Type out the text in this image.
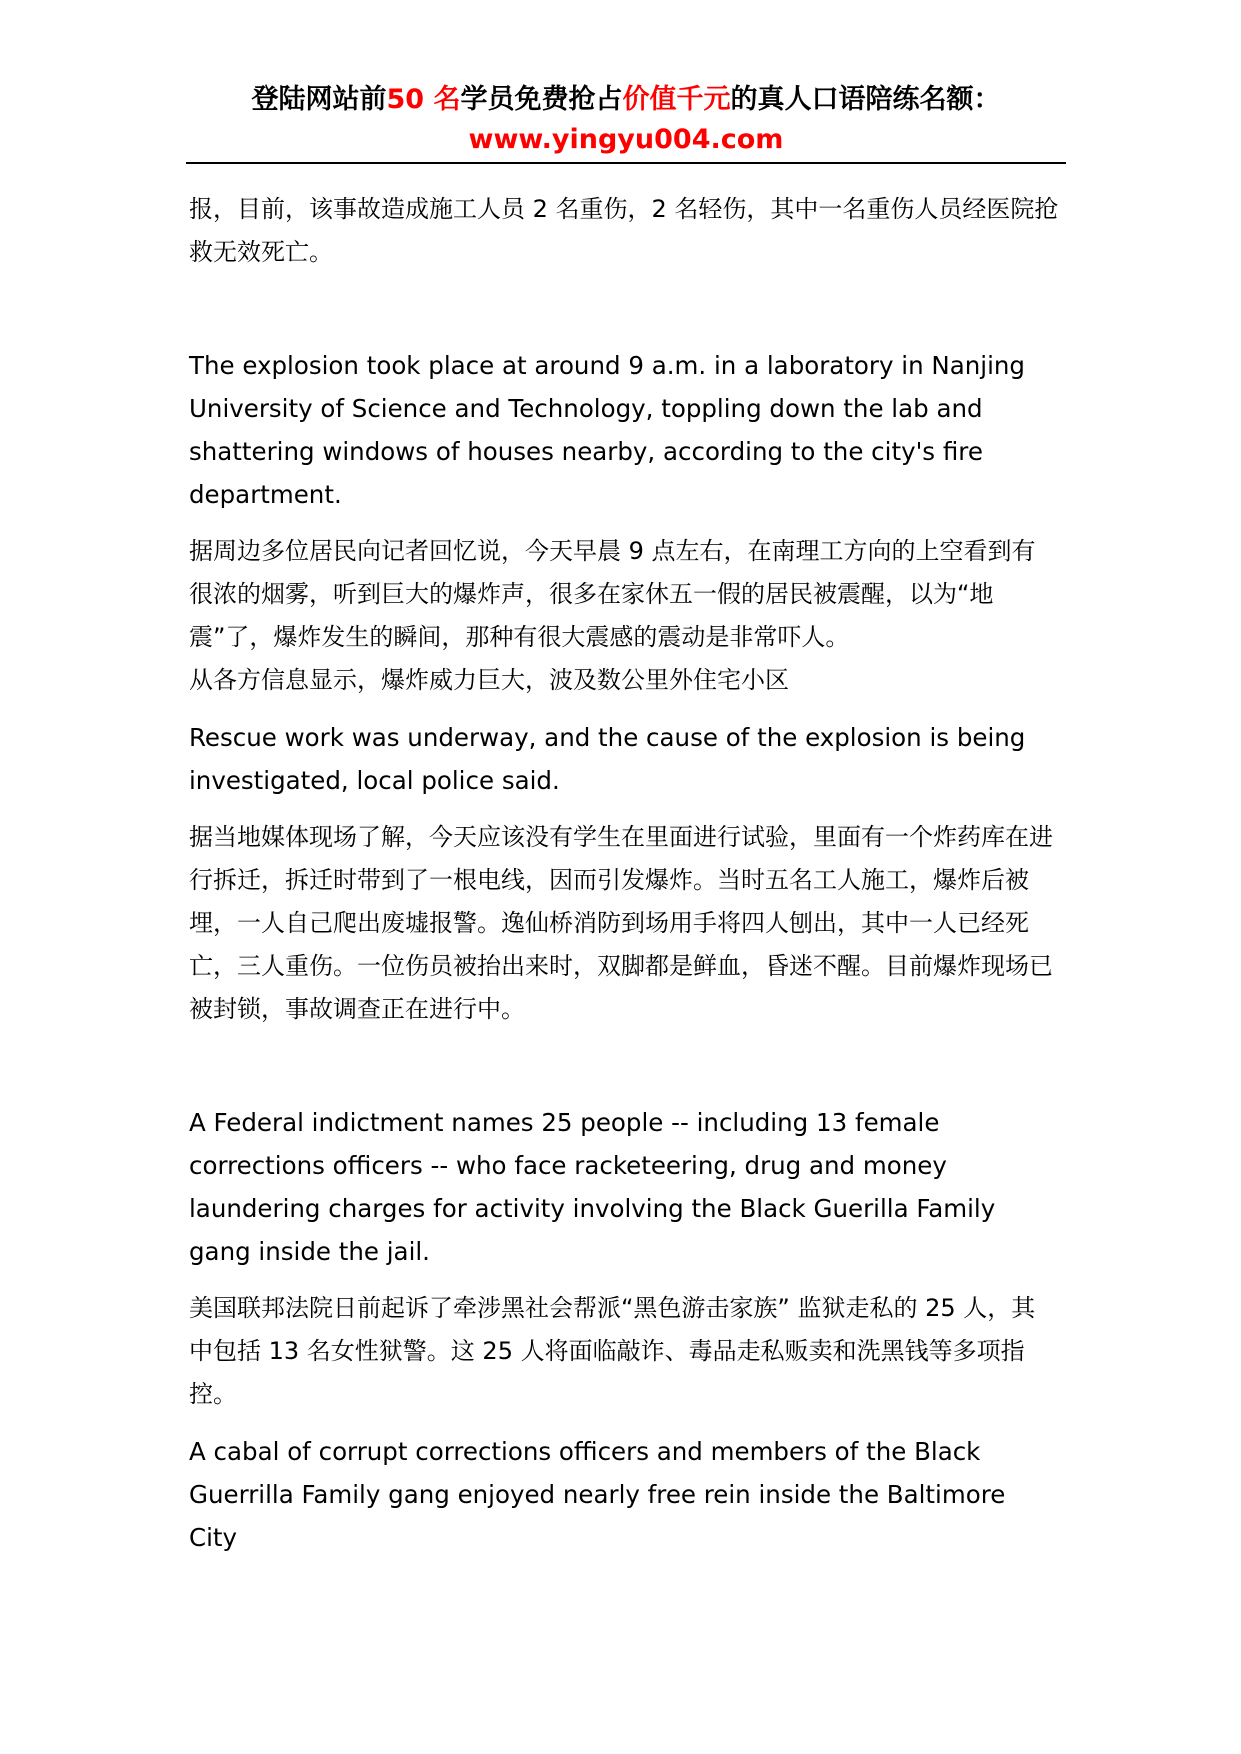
登陆网站前50 名学员免费抢占价值千元的真人口语陪练名额：
www.yingyu004.com

报，目前，该事故造成施工人员 2 名重伤，2 名轻伤，其中一名重伤人员经医院抢救无效死亡。

The explosion took place at around 9 a.m. in a laboratory in Nanjing University of Science and Technology, toppling down the lab and shattering windows of houses nearby, according to the city's fire department.

据周边多位居民向记者回忆说，今天早晨 9 点左右，在南理工方向的上空看到有很浓的烟雾，听到巨大的爆炸声，很多在家休五一假的居民被震醒，以为“地震”了，爆炸发生的瞬间，那种有很大震感的震动是非常吓人。

从各方信息显示，爆炸威力巨大，波及数公里外住宅小区

Rescue work was underway, and the cause of the explosion is being investigated, local police said.

据当地媒体现场了解，今天应该没有学生在里面进行试验，里面有一个炸药库在进行拆迁，拆迁时带到了一根电线，因而引发爆炸。当时五名工人施工，爆炸后被埋，一人自己爬出废墟报警。逸仙桥消防到场用手将四人刨出，其中一人已经死亡，三人重伤。一位伤员被抬出来时，双脚都是鲜血，昏迷不醒。目前爆炸现场已被封锁，事故调查正在进行中。

A Federal indictment names 25 people -- including 13 female corrections officers -- who face racketeering, drug and money laundering charges for activity involving the Black Guerilla Family gang inside the jail.

美国联邦法院日前起诉了牵涉黑社会帮派“黑色游击家族” 监狱走私的 25 人，其中包括 13 名女性狱警。这 25 人将面临敲诈、毒品走私贩卖和洗黑钱等多项指控。

A cabal of corrupt corrections officers and members of the Black Guerrilla Family gang enjoyed nearly free rein inside the Baltimore City
